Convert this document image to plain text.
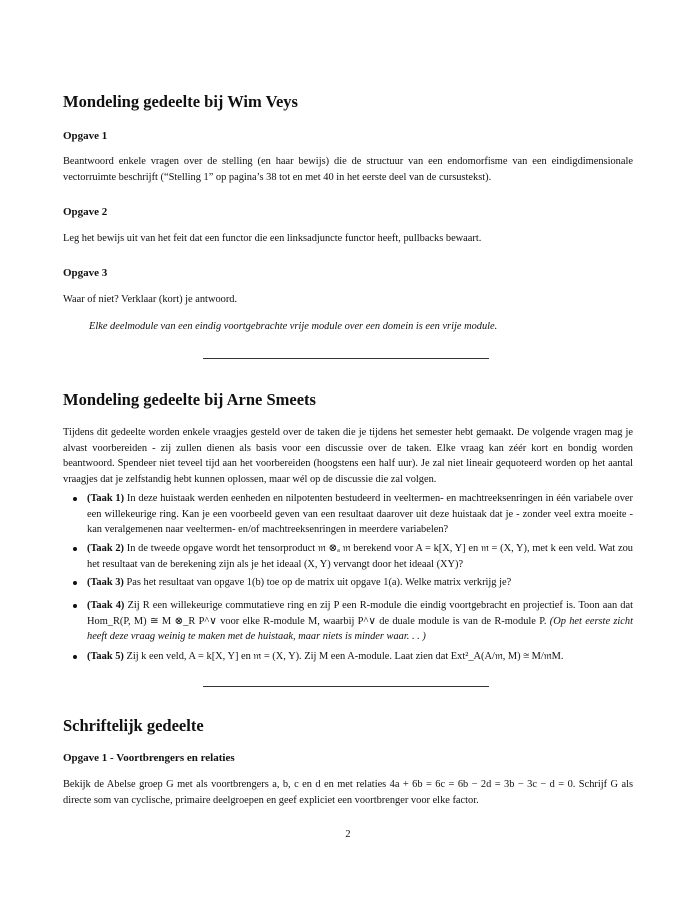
Mondeling gedeelte bij Wim Veys
Opgave 1

Beantwoord enkele vragen over de stelling (en haar bewijs) die de structuur van een endomorfisme van een eindigdimensionale vectorruimte beschrijft (“Stelling 1” op pagina’s 38 tot en met 40 in het eerste deel van de cursustekst).

Opgave 2

Leg het bewijs uit van het feit dat een functor die een linksadjuncte functor heeft, pullbacks bewaart.

Opgave 3

Waar of niet? Verklaar (kort) je antwoord.

Elke deelmodule van een eindig voortgebrachte vrije module over een domein is een vrije module.

Mondeling gedeelte bij Arne Smeets

Tijdens dit gedeelte worden enkele vraagjes gesteld over de taken die je tijdens het semester hebt gemaakt. De volgende vragen mag je alvast voorbereiden - zij zullen dienen als basis voor een discussie over de taken. Elke vraag kan zéér kort en bondig worden beantwoord. Spendeer niet teveel tijd aan het voorbereiden (hoogstens een half uur). Je zal niet lineair gequoteerd worden op het aantal vraagjes dat je zelfstandig hebt kunnen oplossen, maar wél op de discussie die zal volgen.

(Taak 1) In deze huistaak werden eenheden en nilpotenten bestudeerd in veeltermen- en machtreeksenringen in één variabele over een willekeurige ring. Kan je een voorbeeld geven van een resultaat daarover uit deze huistaak dat je - zonder veel extra moeite - kan veralgemenen naar veeltermen- en/of machtreeksenringen in meerdere variabelen?
(Taak 2) In de tweede opgave wordt het tensorproduct 𝔪 ⊗ₐ 𝔪 berekend voor A = k[X, Y] en 𝔪 = (X, Y), met k een veld. Wat zou het resultaat van de berekening zijn als je het ideaal (X, Y) vervangt door het ideaal (XY)?
(Taak 3) Pas het resultaat van opgave 1(b) toe op de matrix uit opgave 1(a). Welke matrix verkrijg je?
(Taak 4) Zij R een willekeurige commutatieve ring en zij P een R-module die eindig voortgebracht en projectief is. Toon aan dat Hom_R(P, M) ≅ M ⊗_R P^∨ voor elke R-module M, waarbij P^∨ de duale module is van de R-module P. (Op het eerste zicht heeft deze vraag weinig te maken met de huistaak, maar niets is minder waar. . . )
(Taak 5) Zij k een veld, A = k[X, Y] en 𝔪 = (X, Y). Zij M een A-module. Laat zien dat Ext²_A(A/𝔪, M) ≅ M/𝔪M.
Schriftelijk gedeelte
Opgave 1 - Voortbrengers en relaties

Bekijk de Abelse groep G met als voortbrengers a, b, c en d en met relaties 4a + 6b = 6c = 6b − 2d = 3b − 3c − d = 0. Schrijf G als directe som van cyclische, primaire deelgroepen en geef expliciet een voortbrenger voor elke factor.

2
